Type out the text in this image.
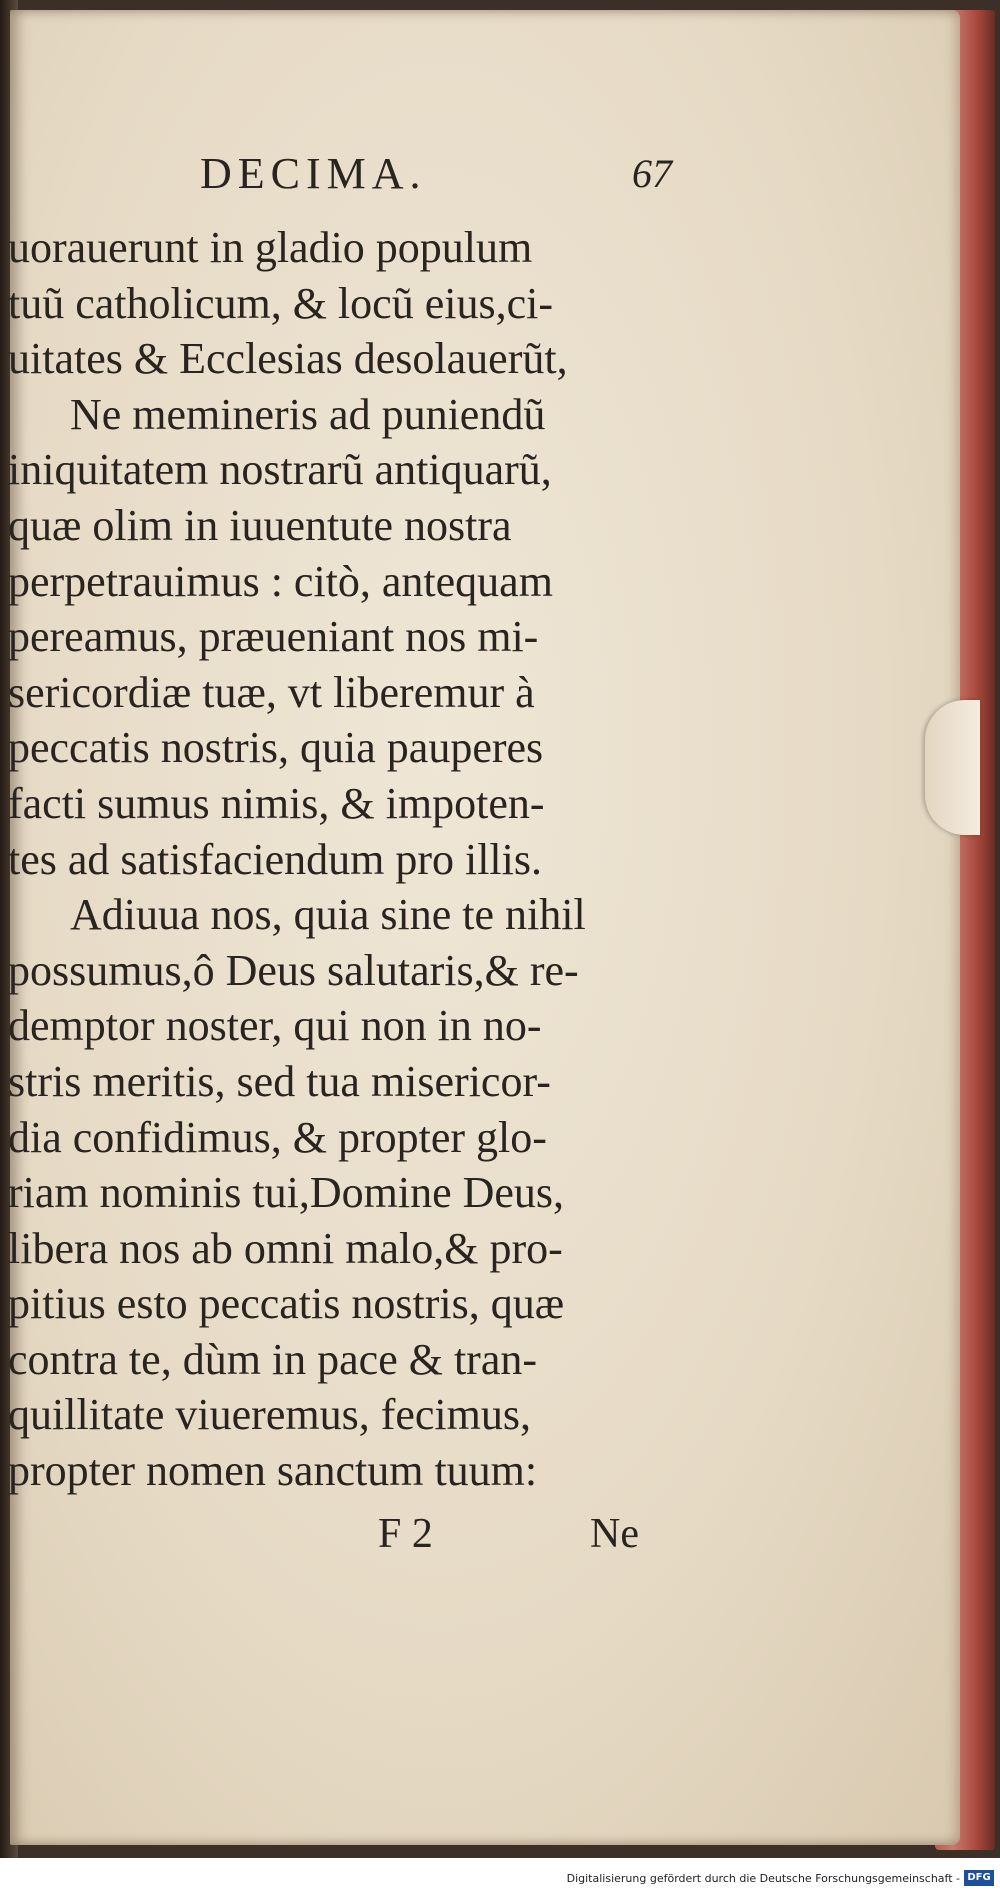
DECIMA.	67
uorauerunt in gladio populum
tuũ catholicum, & locũ eius,ci-
uitates & Ecclesias desolauerũt,
Ne memineris ad puniendũ
iniquitatem nostrarũ antiquarũ,
quæ olim in iuuentute nostra
perpetrauimus : citò, antequam
pereamus, præueniant nos mi-
sericordiæ tuæ, vt liberemur à
peccatis nostris, quia pauperes
facti sumus nimis, & impoten-
tes ad satisfaciendum pro illis.
Adiuua nos, quia sine te nihil
possumus,ô Deus salutaris,& re-
demptor noster, qui non in no-
stris meritis, sed tua misericor-
dia confidimus, & propter glo-
riam nominis tui,Domine Deus,
libera nos ab omni malo,& pro-
pitius esto peccatis nostris, quæ
contra te, dùm in pace & tran-
quillitate viueremus, fecimus,
propter nomen sanctum tuum:
F 2	Ne
Digitalisierung gefördert durch die Deutsche Forschungsgemeinschaft - DFG
